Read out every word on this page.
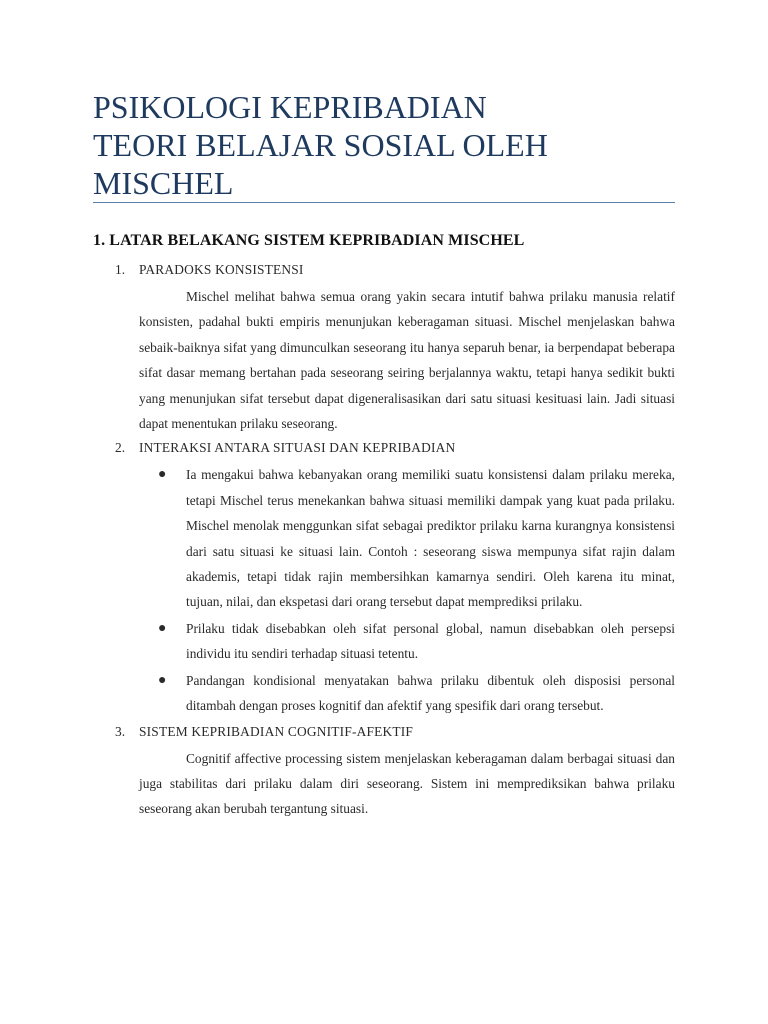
PSIKOLOGI KEPRIBADIAN
TEORI BELAJAR SOSIAL OLEH
MISCHEL
1. LATAR BELAKANG SISTEM KEPRIBADIAN MISCHEL
1. PARADOKS KONSISTENSI

Mischel melihat bahwa semua orang yakin secara intutif bahwa prilaku manusia relatif konsisten, padahal bukti empiris menunjukan keberagaman situasi. Mischel menjelaskan bahwa sebaik-baiknya sifat yang dimunculkan seseorang itu hanya separuh benar, ia berpendapat beberapa sifat dasar memang bertahan pada seseorang seiring berjalannya waktu, tetapi hanya sedikit bukti yang menunjukan sifat tersebut dapat digeneralisasikan dari satu situasi kesituasi lain. Jadi situasi dapat menentukan prilaku seseorang.

2. INTERAKSI ANTARA SITUASI DAN KEPRIBADIAN
● Ia mengakui bahwa kebanyakan orang memiliki suatu konsistensi dalam prilaku mereka, tetapi Mischel terus menekankan bahwa situasi memiliki dampak yang kuat pada prilaku. Mischel menolak menggunkan sifat sebagai prediktor prilaku karna kurangnya konsistensi dari satu situasi ke situasi lain. Contoh : seseorang siswa mempunya sifat rajin dalam akademis, tetapi tidak rajin membersihkan kamarnya sendiri. Oleh karena itu minat, tujuan, nilai, dan ekspetasi dari orang tersebut dapat memprediksi prilaku.
● Prilaku tidak disebabkan oleh sifat personal global, namun disebabkan oleh persepsi individu itu sendiri terhadap situasi tetentu.
● Pandangan kondisional menyatakan bahwa prilaku dibentuk oleh disposisi personal ditambah dengan proses kognitif dan afektif yang spesifik dari orang tersebut.
3. SISTEM KEPRIBADIAN COGNITIF-AFEKTIF

Cognitif affective processing sistem menjelaskan keberagaman dalam berbagai situasi dan juga stabilitas dari prilaku dalam diri seseorang. Sistem ini memprediksikan bahwa prilaku seseorang akan berubah tergantung situasi.
